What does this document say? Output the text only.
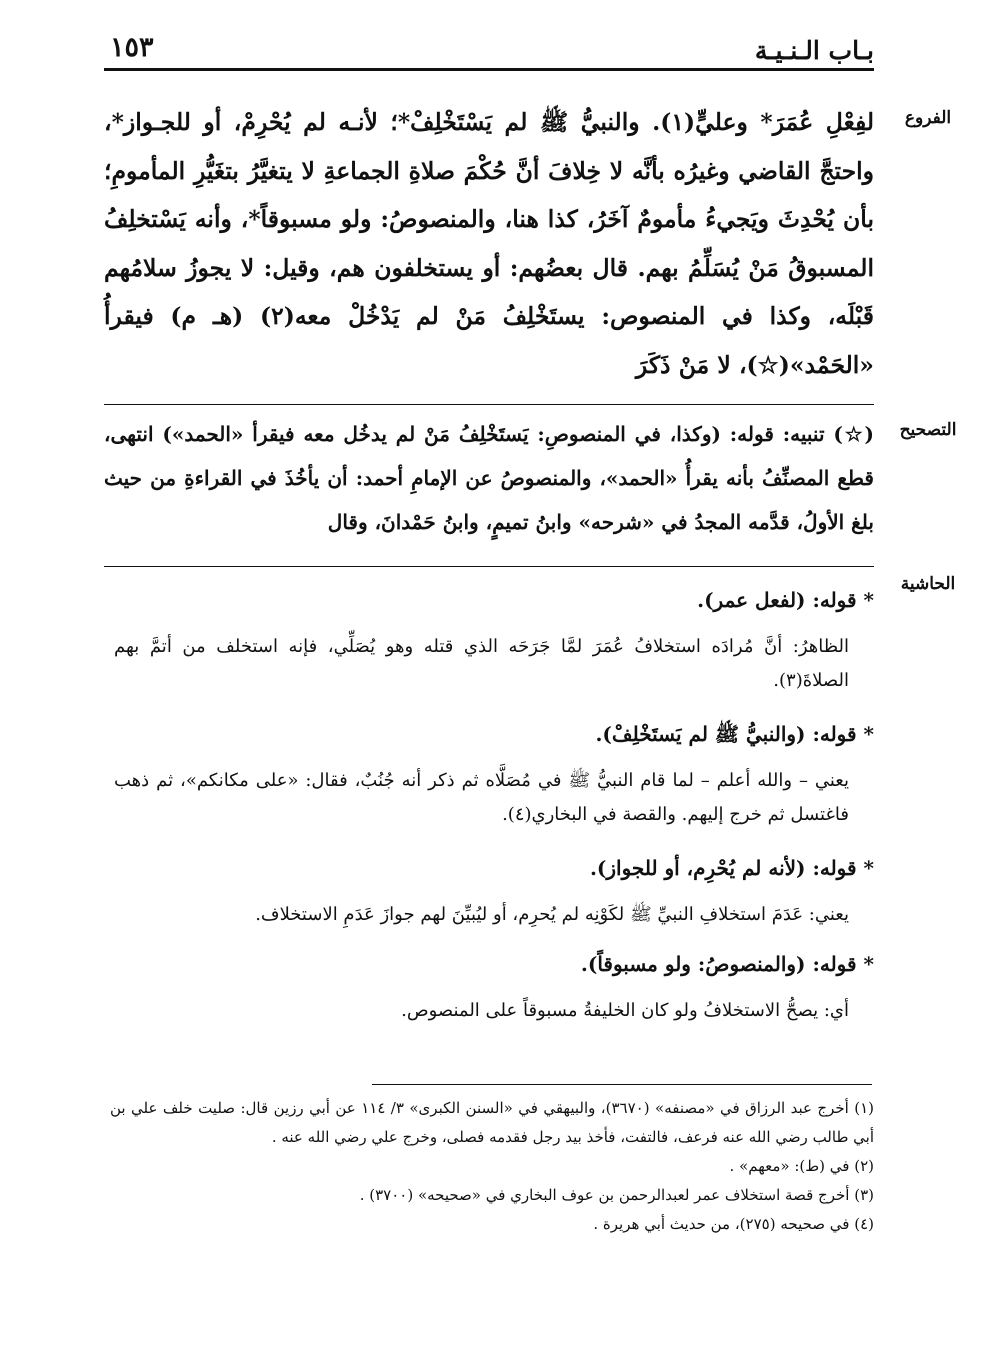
بـاب الـنـيـة
١٥٣
الفروع
لفِعْلِ عُمَرَ* وعليٍّ(١). والنبيُّ ﷺ لم يَسْتَخْلِفْ*؛ لأنـه لم يُحْرِمْ، أو للجـواز*، واحتجَّ القاضي وغيرُه بأنَّه لا خِلافَ أنَّ حُكْمَ صلاةِ الجماعةِ لا يتغيَّرُ بتغَيُّرِ المأمومِ؛ بأن يُحْدِثَ ويَجيءُ مأمومٌ آخَرُ، كذا هنا، والمنصوصُ: ولو مسبوقاً*، وأنه يَسْتخلِفُ المسبوقُ مَنْ يُسَلِّمُ بهم. قال بعضُهم: أو يستخلفون هم، وقيل: لا يجوزُ سلامُهم قَبْلَه، وكذا في المنصوص: يستَخْلِفُ مَنْ لم يَدْخُلْ معه(٢) (هـ م) فيقرأُ «الحَمْد»(☆)، لا مَنْ ذَكَرَ
التصحيح
(☆) تنبيه: قوله: (وكذا، في المنصوصِ: يَستَخْلِفُ مَنْ لم يدخُل معه فيقرأ «الحمد») انتهى، قطع المصنِّفُ بأنه يقرأُ «الحمد»، والمنصوصُ عن الإمامِ أحمد: أن يأخُذَ في القراءةِ من حيث بلغ الأولُ، قدَّمه المجدُ في «شرحه» وابنُ تميمٍ، وابنُ حَمْدانَ، وقال
الحاشية
* قوله: (لفعل عمر).
الظاهرُ: أنَّ مُرادَه استخلافُ عُمَرَ لمَّا جَرَحَه الذي قتله وهو يُصَلِّي، فإنه استخلف من أتمَّ بهم الصلاةَ(٣).
* قوله: (والنبيُّ ﷺ لم يَستَخْلِفْ).
يعني – والله أعلم – لما قام النبيُّ ﷺ في مُصَلَّاه ثم ذكر أنه جُنُبٌ، فقال: «على مكانكم»، ثم ذهب فاغتسل ثم خرج إليهم. والقصة في البخاري(٤).
* قوله: (لأنه لم يُحْرِم، أو للجواز).
يعني: عَدَمَ استخلافِ النبيِّ ﷺ لكَوْنِه لم يُحرِم، أو ليُبيِّنَ لهم جوازَ عَدَمِ الاستخلاف.
* قوله: (والمنصوصُ: ولو مسبوقاً).
أي: يصحُّ الاستخلافُ ولو كان الخليفةُ مسبوقاً على المنصوص.
(١) أخرج عبد الرزاق في «مصنفه» (٣٦٧٠)، والبيهقي في «السنن الكبرى» ٣/ ١١٤ عن أبي رزين قال: صليت خلف علي بن أبي طالب رضي الله عنه فرعف، فالتفت، فأخذ بيد رجل فقدمه فصلى، وخرج علي رضي الله عنه .
(٢) في (ط): «معهم» .
(٣) أخرج قصة استخلاف عمر لعبدالرحمن بن عوف البخاري في «صحيحه» (٣٧٠٠) .
(٤) في صحيحه (٢٧٥)، من حديث أبي هريرة .
